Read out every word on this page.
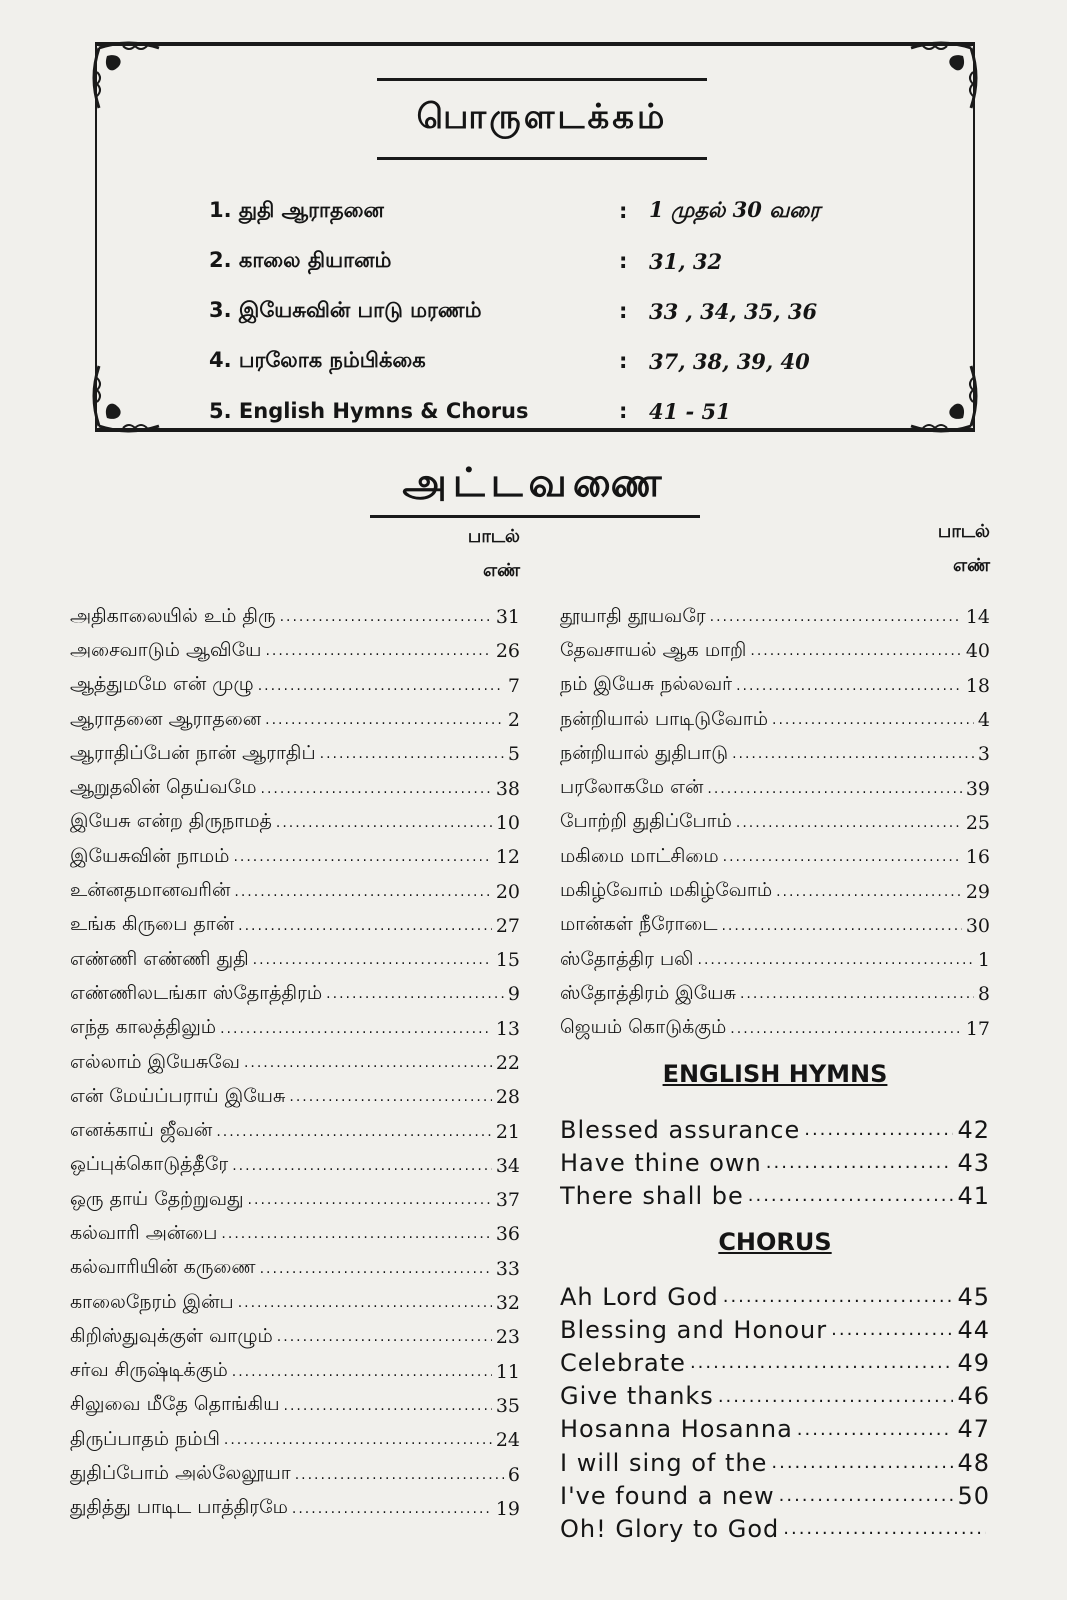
பொருளடக்கம்
1. துதி ஆராதனை	:	1 முதல் 30 வரை
2. காலை தியானம்	:	31, 32
3. இயேசுவின் பாடு மரணம்	:	33 , 34, 35, 36
4. பரலோக நம்பிக்கை	:	37, 38, 39, 40
5. English Hymns & Chorus	:	41 - 51
அட்டவணை
பாடல்
எண்
பாடல்
எண்
அதிகாலையில் உம் திரு .....	31
அசைவாடும் ஆவியே .....	26
ஆத்துமமே என் முழு .....	7
ஆராதனை ஆராதனை .....	2
ஆராதிப்பேன் நான் ஆராதிப் .....	5
ஆறுதலின் தெய்வமே .....	38
இயேசு என்ற திருநாமத் .....	10
இயேசுவின் நாமம் .....	12
உன்னதமானவரின் .....	20
உங்க கிருபை தான் .....	27
எண்ணி எண்ணி துதி .....	15
எண்ணிலடங்கா ஸ்தோத்திரம் .....	9
எந்த காலத்திலும் .....	13
எல்லாம் இயேசுவே .....	22
என் மேய்ப்பராய் இயேசு .....	28
எனக்காய் ஜீவன் .....	21
ஒப்புக்கொடுத்தீரே .....	34
ஒரு தாய் தேற்றுவது .....	37
கல்வாரி அன்பை .....	36
கல்வாரியின் கருணை .....	33
காலைநேரம் இன்ப .....	32
கிறிஸ்துவுக்குள் வாழும் .....	23
சர்வ சிருஷ்டிக்கும் .....	11
சிலுவை மீதே தொங்கிய .....	35
திருப்பாதம் நம்பி .....	24
துதிப்போம் அல்லேலூயா .....	6
துதித்து பாடிட பாத்திரமே .....	19
தூயாதி தூயவரே .....	14
தேவசாயல் ஆக மாறி .....	40
நம் இயேசு நல்லவர் .....	18
நன்றியால் பாடிடுவோம் .....	4
நன்றியால் துதிபாடு .....	3
பரலோகமே என் .....	39
போற்றி துதிப்போம் .....	25
மகிமை மாட்சிமை .....	16
மகிழ்வோம் மகிழ்வோம் .....	29
மான்கள் நீரோடை .....	30
ஸ்தோத்திர பலி .....	1
ஸ்தோத்திரம் இயேசு .....	8
ஜெயம் கொடுக்கும் .....	17
ENGLISH HYMNS
Blessed assurance .....	42
Have thine own .....	43
There shall be .....	41
CHORUS
Ah Lord God .....	45
Blessing and Honour .....	44
Celebrate .....	49
Give thanks .....	46
Hosanna Hosanna .....	47
I will sing of the .....	48
I've found a new .....	50
Oh! Glory to God
.....
